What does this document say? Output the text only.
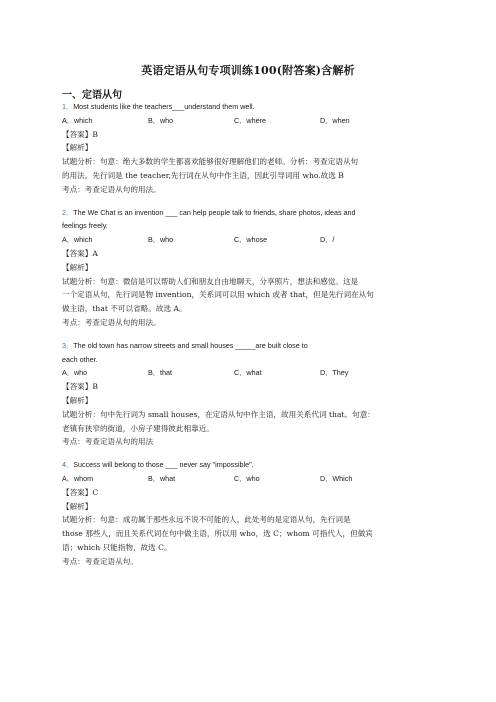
英语定语从句专项训练100(附答案)含解析
一、定语从句
1．Most students like the teachers___understand them well.
A．which	B．who	C．where	D．when
【答案】B
【解析】
试题分析：句意：绝大多数的学生都喜欢能够很好理解他们的老师。分析：考查定语从句
的用法，先行词是 the teacher,先行词在从句中作主语，因此引导词用 who.故选 B
考点：考查定语从句的用法。
2．The We Chat is an invention ___ can help people talk to friends, share photos, ideas and
feelings freely.
A．which	B．who	C．whose	D．/
【答案】A
【解析】
试题分析：句意：微信是可以帮助人们和朋友自由地聊天，分享照片，想法和感觉。这是
一个定语从句，先行词是物 invention，关系词可以用 which 或者 that，但是先行词在从句
做主语，that 不可以省略。故选 A。
考点：考查定语从句的用法。
3．The old town has narrow streets and small houses _____are built close to
each other.
A．who	B．that	C．what	D．They
【答案】B
【解析】
试题分析：句中先行词为 small houses，在定语从句中作主语，故用关系代词 that。句意：
老镇有狭窄的街道，小房子建得彼此相靠近。
考点：考查定语从句的用法
4．Success will belong to those ___ never say "impossible".
A．whom	B．what	C．who	D．Which
【答案】C
【解析】
试题分析：句意：成功属于那些永远不说不可能的人。此处考的是定语从句，先行词是
those 那些人，而且关系代词在句中做主语，所以用 who，选 C；whom 可指代人，但做宾
语；which 只能指物，故选 C。
考点：考查定语从句。
